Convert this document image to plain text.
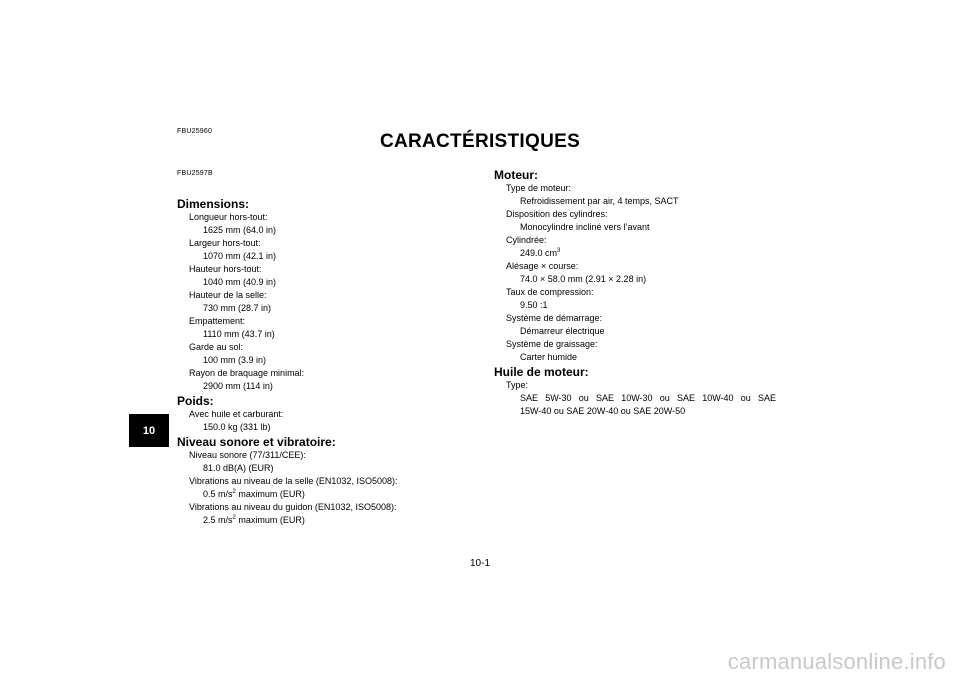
FBU25960	CARACTÉRISTIQUES
FBU2597B
10
Dimensions:
Longueur hors-tout:
1625 mm (64.0 in)
Largeur hors-tout:
1070 mm (42.1 in)
Hauteur hors-tout:
1040 mm (40.9 in)
Hauteur de la selle:
730 mm (28.7 in)
Empattement:
1110 mm (43.7 in)
Garde au sol:
100 mm (3.9 in)
Rayon de braquage minimal:
2900 mm (114 in)
Poids:
Avec huile et carburant:
150.0 kg (331 lb)
Niveau sonore et vibratoire:
Niveau sonore (77/311/CEE):
81.0 dB(A) (EUR)
Vibrations au niveau de la selle (EN1032, ISO5008):
0.5 $m/s^2$ maximum (EUR)
Vibrations au niveau du guidon (EN1032, ISO5008):
2.5 $m/s^2$ maximum (EUR)
Moteur:
Type de moteur:
Refroidissement par air, 4 temps, SACT
Disposition des cylindres:
Monocylindre incliné vers l’avant
Cylindrée:
249.0 $cm^3$
Alésage × course:
74.0 × 58.0 mm (2.91 × 2.28 in)
Taux de compression:
9.50 :1
Système de démarrage:
Démarreur électrique
Système de graissage:
Carter humide
Huile de moteur:
Type:
SAE 5W-30 ou SAE 10W-30 ou SAE 10W-40 ou SAE
15W-40 ou SAE 20W-40 ou SAE 20W-50
10-1
carmanualsonline.info
